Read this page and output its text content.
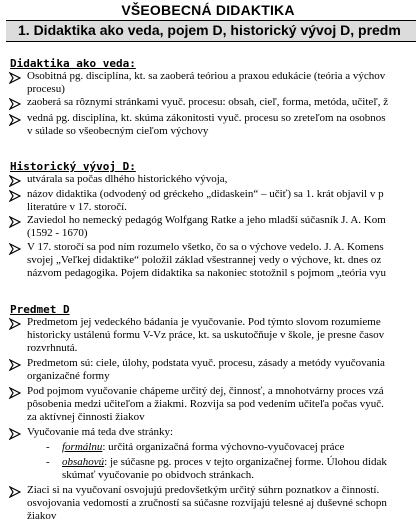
VŠEOBECNÁ DIDAKTIKA
1. Didaktika ako veda, pojem D, historický vývoj D, predm
Didaktika ako veda:
Osobitná pg. disciplína, kt. sa zaoberá teóriou a praxou edukácie (teória a výchov
procesu)
zaoberá sa rôznymi stránkami vyuč. procesu: obsah, cieľ, forma, metóda, učiteľ, ž
vedná pg. disciplína, kt. skúma zákonitosti vyuč. procesu so zreteľom na osobnos
v súlade so všeobecným cieľom výchovy
Historický vývoj D:
utvárala sa počas dlhého historického vývoja,
názov didaktika (odvodený od gréckeho „didaskein“ – učiť) sa 1. krát objavil v p
literatúre v 17. storočí.
Zaviedol ho nemecký pedagóg Wolfgang Ratke a jeho mladší súčasník J. A. Kom
(1592 - 1670)
V 17. storočí sa pod ním rozumelo všetko, čo sa o výchove vedelo. J. A. Komens
svojej „Veľkej didaktike“ položil základ všestrannej vedy o výchove, kt. dnes oz
názvom pedagogika. Pojem didaktika sa nakoniec stotožnil s pojmom „teória vyu
Predmet D
Predmetom jej vedeckého bádania je vyučovanie. Pod týmto slovom rozumieme
historicky ustálenú formu V-Vz práce, kt. sa uskutočňuje v škole, je presne časov
rozvrhnutá.
Predmetom sú: ciele, úlohy, podstata vyuč. procesu, zásady a metódy vyučovania
organizačné formy
Pod pojmom vyučovanie chápeme určitý dej, činnosť, a mnohotvárny proces vzá
pôsobenia medzi učiteľom a žiakmi. Rozvija sa pod vedením učiteľa počas vyuč.
za aktívnej činnosti žiakov
Vyučovanie má teda dve stránky:
- formálnu: určitá organizačná forma výchovno-vyučovacej práce
- obsahovú: je súčasne pg. proces v tejto organizačnej forme. Úlohou didak
skúmať vyučovanie po obidvoch stránkach.
Ziaci si na vyučovaní osvojujú predovšetkým určitý súhrn poznatkov a činností.
osvojovania vedomostí a zručností sa súčasne rozvíjajú telesné aj duševné schopn
žiakov
